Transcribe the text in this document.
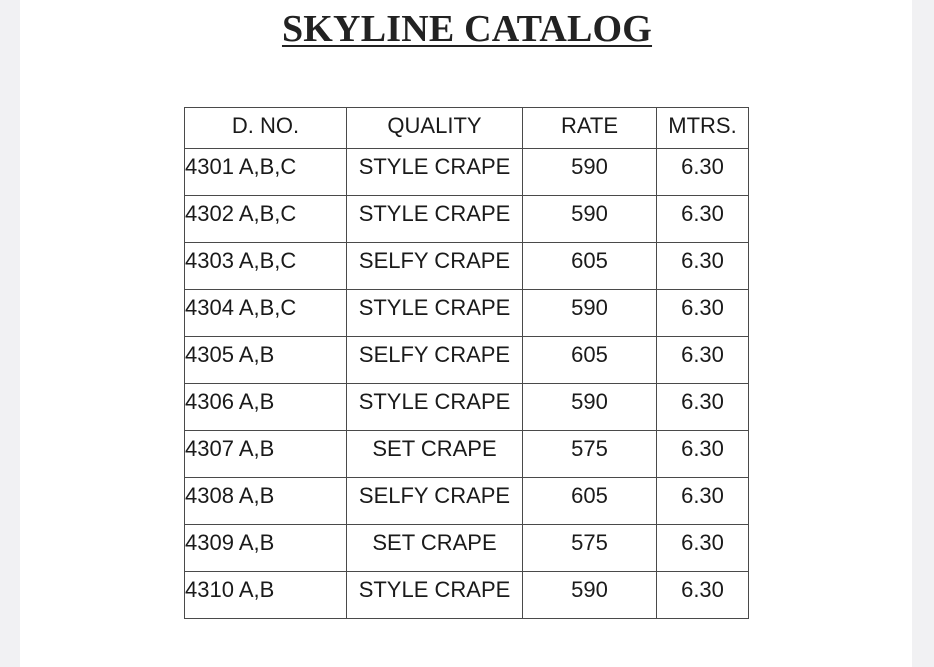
SKYLINE CATALOG
D. NO.	QUALITY	RATE	MTRS.
4301 A,B,C	STYLE CRAPE	590	6.30
4302 A,B,C	STYLE CRAPE	590	6.30
4303 A,B,C	SELFY CRAPE	605	6.30
4304 A,B,C	STYLE CRAPE	590	6.30
4305 A,B	SELFY CRAPE	605	6.30
4306 A,B	STYLE CRAPE	590	6.30
4307 A,B	SET CRAPE	575	6.30
4308 A,B	SELFY CRAPE	605	6.30
4309 A,B	SET CRAPE	575	6.30
4310 A,B	STYLE CRAPE	590	6.30
